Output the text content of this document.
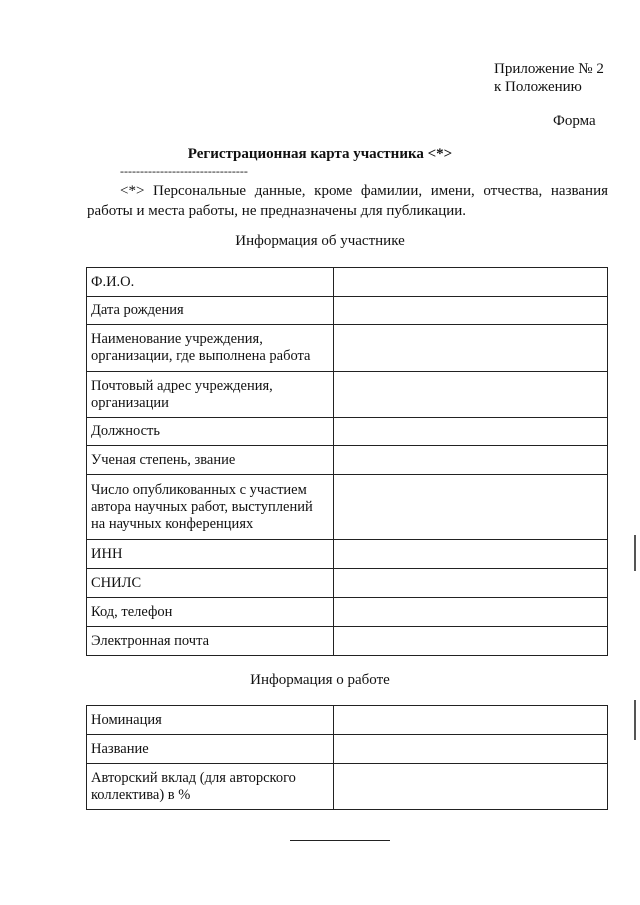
Приложение № 2
к Положению
Форма
Регистрационная карта участника <*>
--------------------------------
<*> Персональные данные, кроме фамилии, имени, отчества, названия работы и места работы, не предназначены для публикации.
Информация об участнике
Ф.И.О.	
Дата рождения	
Наименование учреждения, организации, где выполнена работа	
Почтовый адрес учреждения, организации	
Должность	
Ученая степень, звание	
Число опубликованных с участием автора научных работ, выступлений на научных конференциях	
ИНН	
СНИЛС	
Код, телефон	
Электронная почта	
Информация о работе
Номинация	
Название	
Авторский вклад (для авторского коллектива) в %	
